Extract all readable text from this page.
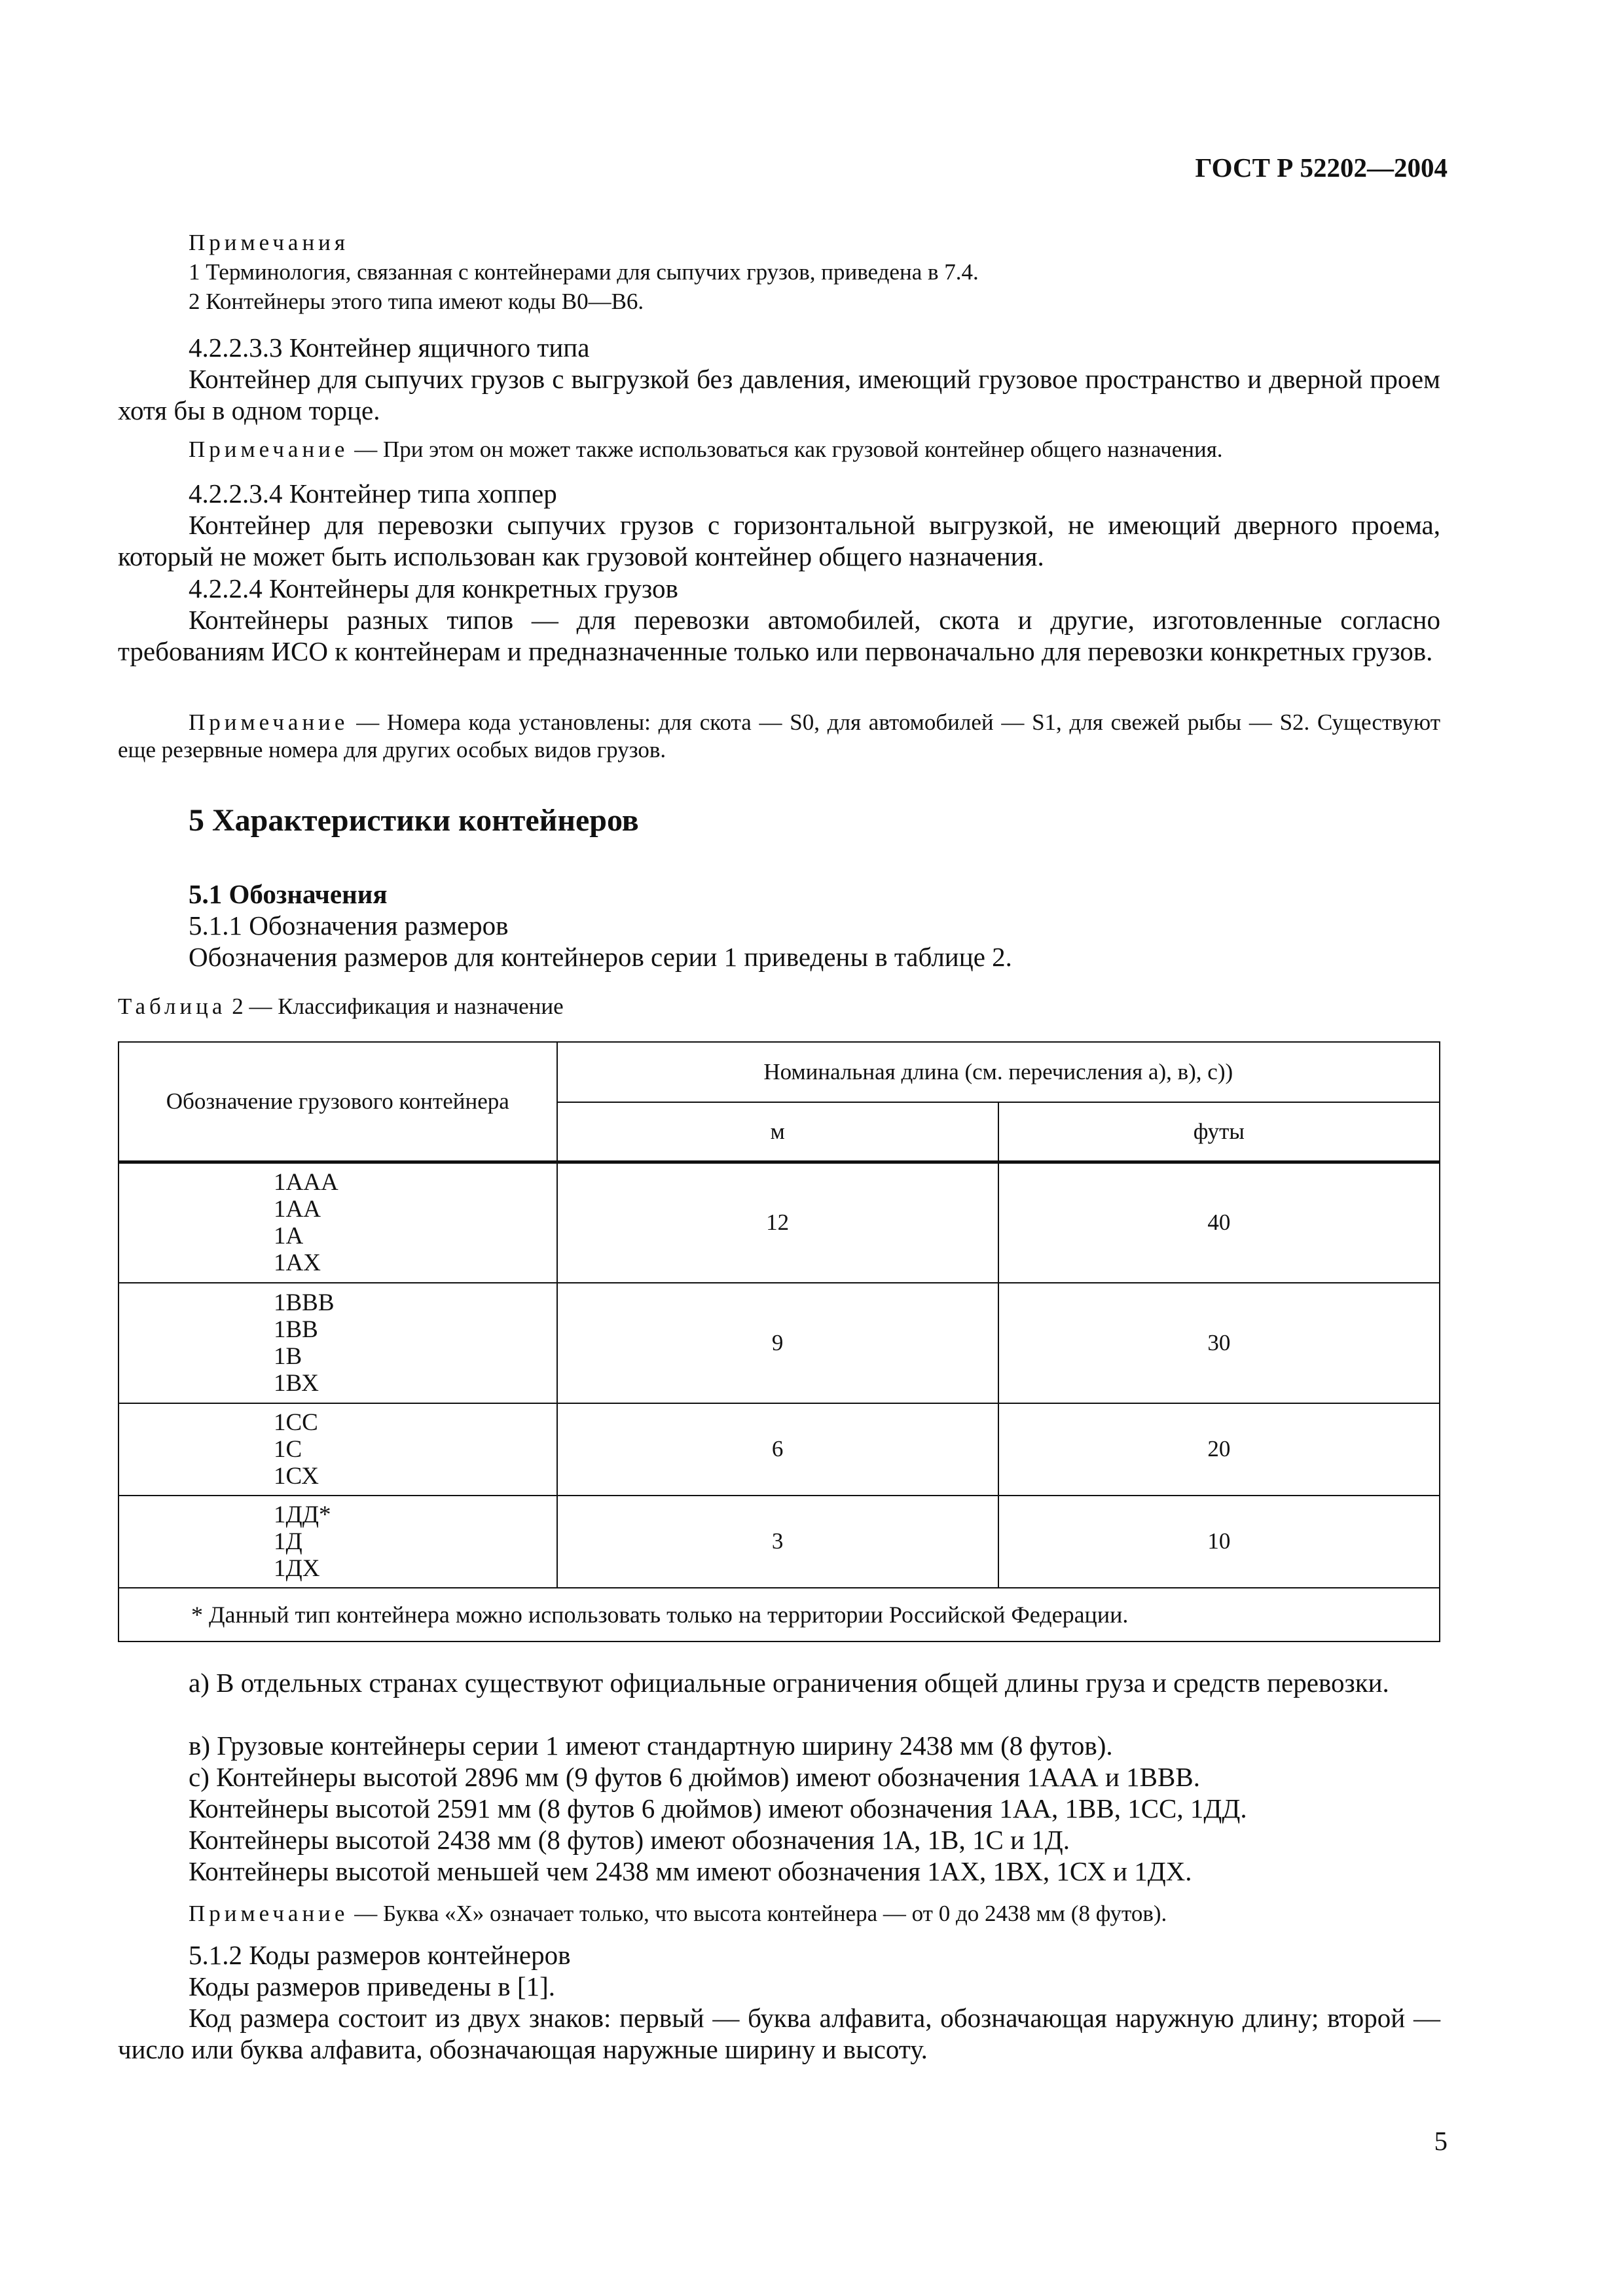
ГОСТ Р 52202—2004
Примечания
1 Терминология, связанная с контейнерами для сыпучих грузов, приведена в 7.4.
2 Контейнеры этого типа имеют коды В0—В6.
4.2.2.3.3 Контейнер ящичного типа
Контейнер для сыпучих грузов с выгрузкой без давления, имеющий грузовое пространство и дверной проем хотя бы в одном торце.
Примечание — При этом он может также использоваться как грузовой контейнер общего назначения.
4.2.2.3.4 Контейнер типа хоппер
Контейнер для перевозки сыпучих грузов с горизонтальной выгрузкой, не имеющий дверного проема, который не может быть использован как грузовой контейнер общего назначения.
4.2.2.4 Контейнеры для конкретных грузов
Контейнеры разных типов — для перевозки автомобилей, скота и другие, изготовленные согласно требованиям ИСО к контейнерам и предназначенные только или первоначально для перевозки конкретных грузов.
Примечание — Номера кода установлены: для скота — S0, для автомобилей — S1, для свежей рыбы — S2. Существуют еще резервные номера для других особых видов грузов.
5 Характеристики контейнеров
5.1 Обозначения
5.1.1 Обозначения размеров
Обозначения размеров для контейнеров серии 1 приведены в таблице 2.
Таблица 2 — Классификация и назначение
Обозначение грузового контейнера	Номинальная длина (см. перечисления а), в), с))	
	м	футы

1ААА
1АА
1А
1АХ	12	40

1ВВВ
1ВВ
1В
1ВХ	9	30

1СС
1С
1СХ	6	20

1ДД*
1Д
1ДХ	3	10
* Данный тип контейнера можно использовать только на территории Российской Федерации.		
а) В отдельных странах существуют официальные ограничения общей длины груза и средств перевозки.
в) Грузовые контейнеры серии 1 имеют стандартную ширину 2438 мм (8 футов).
с) Контейнеры высотой 2896 мм (9 футов 6 дюймов) имеют обозначения 1ААА и 1ВВВ.
Контейнеры высотой 2591 мм (8 футов 6 дюймов) имеют обозначения 1АА, 1ВВ, 1СС, 1ДД.
Контейнеры высотой 2438 мм (8 футов) имеют обозначения 1А, 1В, 1С и 1Д.
Контейнеры высотой меньшей чем 2438 мм имеют обозначения 1АХ, 1ВХ, 1СХ и 1ДХ.
Примечание — Буква «Х» означает только, что высота контейнера — от 0 до 2438 мм (8 футов).
5.1.2 Коды размеров контейнеров
Коды размеров приведены в [1].
Код размера состоит из двух знаков: первый — буква алфавита, обозначающая наружную длину; второй — число или буква алфавита, обозначающая наружные ширину и высоту.
5
